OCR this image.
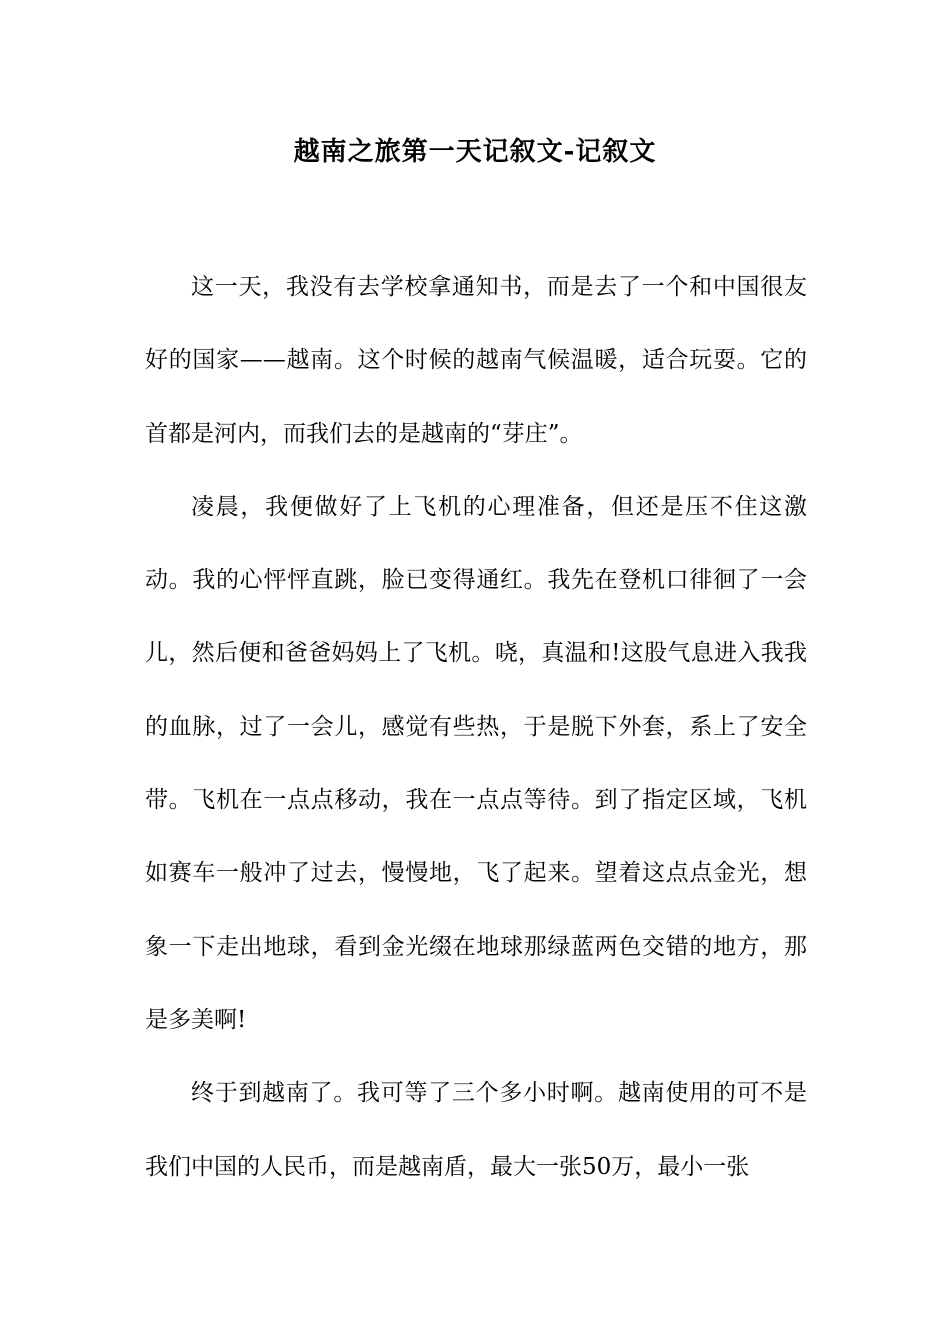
越南之旅第一天记叙文-记叙文

这一天，我没有去学校拿通知书，而是去了一个和中国很友好的国家——越南。这个时候的越南气候温暖，适合玩耍。它的首都是河内，而我们去的是越南的“芽庄”。

凌晨，我便做好了上飞机的心理准备，但还是压不住这激动。我的心怦怦直跳，脸已变得通红。我先在登机口徘徊了一会儿，然后便和爸爸妈妈上了飞机。哓，真温和!这股气息进入我我的血脉，过了一会儿，感觉有些热，于是脱下外套，系上了安全带。飞机在一点点移动，我在一点点等待。到了指定区域，飞机如赛车一般冲了过去，慢慢地，飞了起来。望着这点点金光，想象一下走出地球，看到金光缀在地球那绿蓝两色交错的地方，那是多美啊!

终于到越南了。我可等了三个多小时啊。越南使用的可不是我们中国的人民币，而是越南盾，最大一张50万，最小一张
